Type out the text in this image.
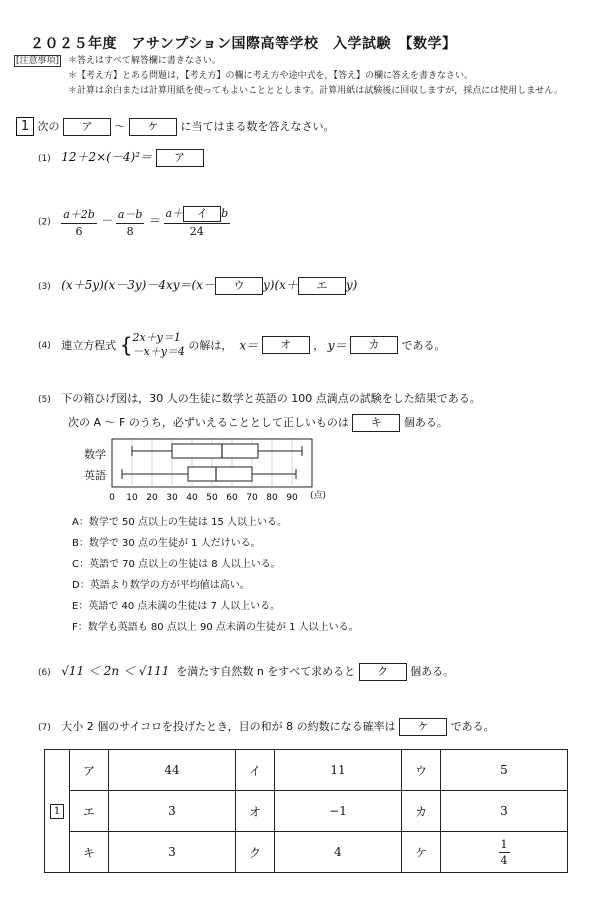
２０２５年度　アサンプション国際高等学校　入学試験　【数学】
[注意事項] ＊答えはすべて解答欄に書きなさい。
＊【考え方】とある問題は，【考え方】の欄に考え方や途中式を，【答え】の欄に答えを書きなさい。
＊計算は余白または計算用紙を使ってもよいことととします。計算用紙は試験後に回収しますが，採点には使用しません。
1 次の ア ～ ケ に当てはまる数を答えなさい。
(1) 12＋2×(－4)²＝ ア
$(2) \frac{a+2b}{6} - \frac{a-b}{8} = \frac{\text{a＋ イ b}}{24}$
(3) (x＋5y)(x－3y)－4xy＝(x－ ウ y)(x＋ エ y)
(4) 連立方程式 { 2x＋y＝1
－x＋y＝4 の解は， x＝ オ ， y＝ カ である。
(5) 下の箱ひげ図は，30 人の生徒に数学と英語の 100 点満点の試験をした結果である。
次の A ～ F のうち，必ずいえることとして正しいものは キ 個ある。
数学
英語
0 10 20 30 40 50 60 70 80 90 (点)
A：数学で 50 点以上の生徒は 15 人以上いる。
B：数学で 30 点の生徒が 1 人だけいる。
C：英語で 70 点以上の生徒は 8 人以上いる。
D：英語より数学の方が平均値は高い。
E：英語で 40 点未満の生徒は 7 人以上いる。
F：数学も英語も 80 点以上 90 点未満の生徒が 1 人以上いる。
(6) √11 ＜ 2n ＜ √111 を満たす自然数 n をすべて求めると ク 個ある。
(7) 大小 2 個のサイコロを投げたとき，目の和が 8 の約数になる確率は ケ である。
1	ア	44	イ	11	ウ	5
	エ	3	オ	−1	カ	3
	キ	3	ク	4	ケ	$\frac{1}{4}$
